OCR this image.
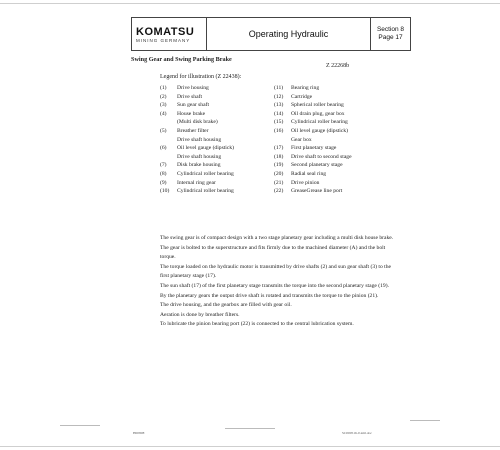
KOMATSU
MINING GERMANY
Operating Hydraulic	Section 8
Page 17
Swing Gear and Swing Parking Brake
Z 22268b
Legend for illustration (Z 22438):
(1) Drive housing
(2) Drive shaft
(3) Sun gear shaft
(4) House brake
(Multi disk brake)
(5) Breather filter
Drive shaft housing
(6) Oil level gauge (dipstick)
Drive shaft housing
(7) Disk brake housing
(8) Cylindrical roller bearing
(9) Internal ring gear
(10) Cylindrical roller bearing
(11) Bearing ring
(12) Cartridge
(13) Spherical roller bearing
(14) Oil drain plug, gear box
(15) Cylindrical roller bearing
(16) Oil level gauge (dipstick)
Gear box
(17) First planetary stage
(18) Drive shaft to second stage
(19) Second planetary stage
(20) Radial seal ring
(21) Drive pinion
(22) GreaseGrease line port

The swing gear is of compact design with a two stage planetary gear including a multi disk house brake.

The gear is bolted to the superstructure and fits firmly due to the machined diameter (A) and the bolt torque.

The torque loaded on the hydraulic motor is transmitted by drive shafts (2) and sun gear shaft (3) to the first planetary stage (17).

The sun shaft (17) of the first planetary stage transmits the torque into the second planetary stage (19). By the planetary gears the output drive shaft is rotated and transmits the torque to the pinion (21).

The drive housing, and the gearbox are filled with gear oil.

Aeration is done by breather filters.

To lubricate the pinion bearing port (22) is connected to the central lubrication system.

H0080E	SC000516-0.xml.doc
